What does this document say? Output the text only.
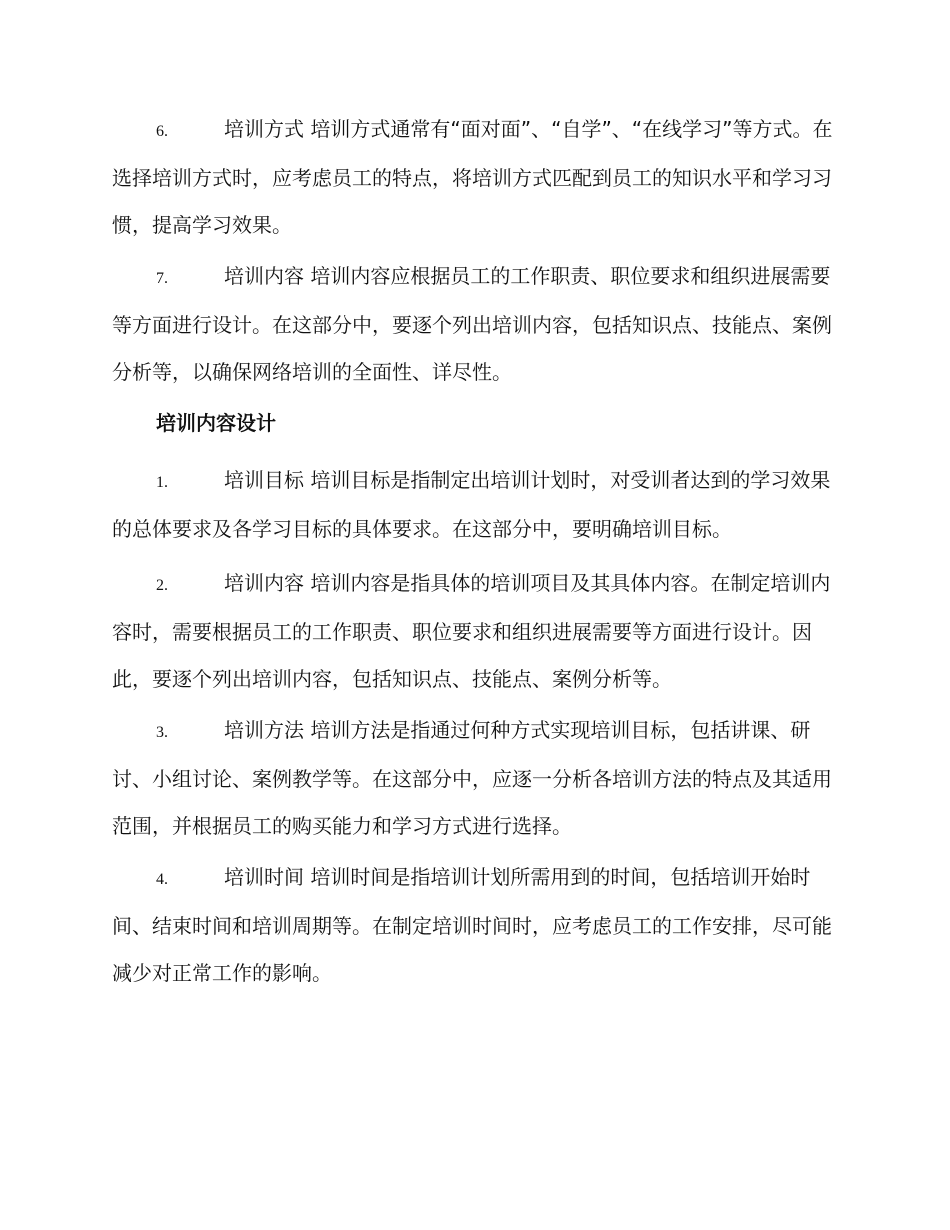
6.	培训方式 培训方式通常有“面对面”、“自学”、“在线学习”等方式。在选择培训方式时，应考虑员工的特点，将培训方式匹配到员工的知识水平和学习习惯，提高学习效果。

7.	培训内容 培训内容应根据员工的工作职责、职位要求和组织进展需要等方面进行设计。在这部分中，要逐个列出培训内容，包括知识点、技能点、案例分析等，以确保网络培训的全面性、详尽性。

培训内容设计

1.	培训目标 培训目标是指制定出培训计划时，对受训者达到的学习效果的总体要求及各学习目标的具体要求。在这部分中，要明确培训目标。

2.	培训内容 培训内容是指具体的培训项目及其具体内容。在制定培训内容时，需要根据员工的工作职责、职位要求和组织进展需要等方面进行设计。因此，要逐个列出培训内容，包括知识点、技能点、案例分析等。

3.	培训方法 培训方法是指通过何种方式实现培训目标，包括讲课、研讨、小组讨论、案例教学等。在这部分中，应逐一分析各培训方法的特点及其适用范围，并根据员工的购买能力和学习方式进行选择。

4.	培训时间 培训时间是指培训计划所需用到的时间，包括培训开始时间、结束时间和培训周期等。在制定培训时间时，应考虑员工的工作安排，尽可能减少对正常工作的影响。
